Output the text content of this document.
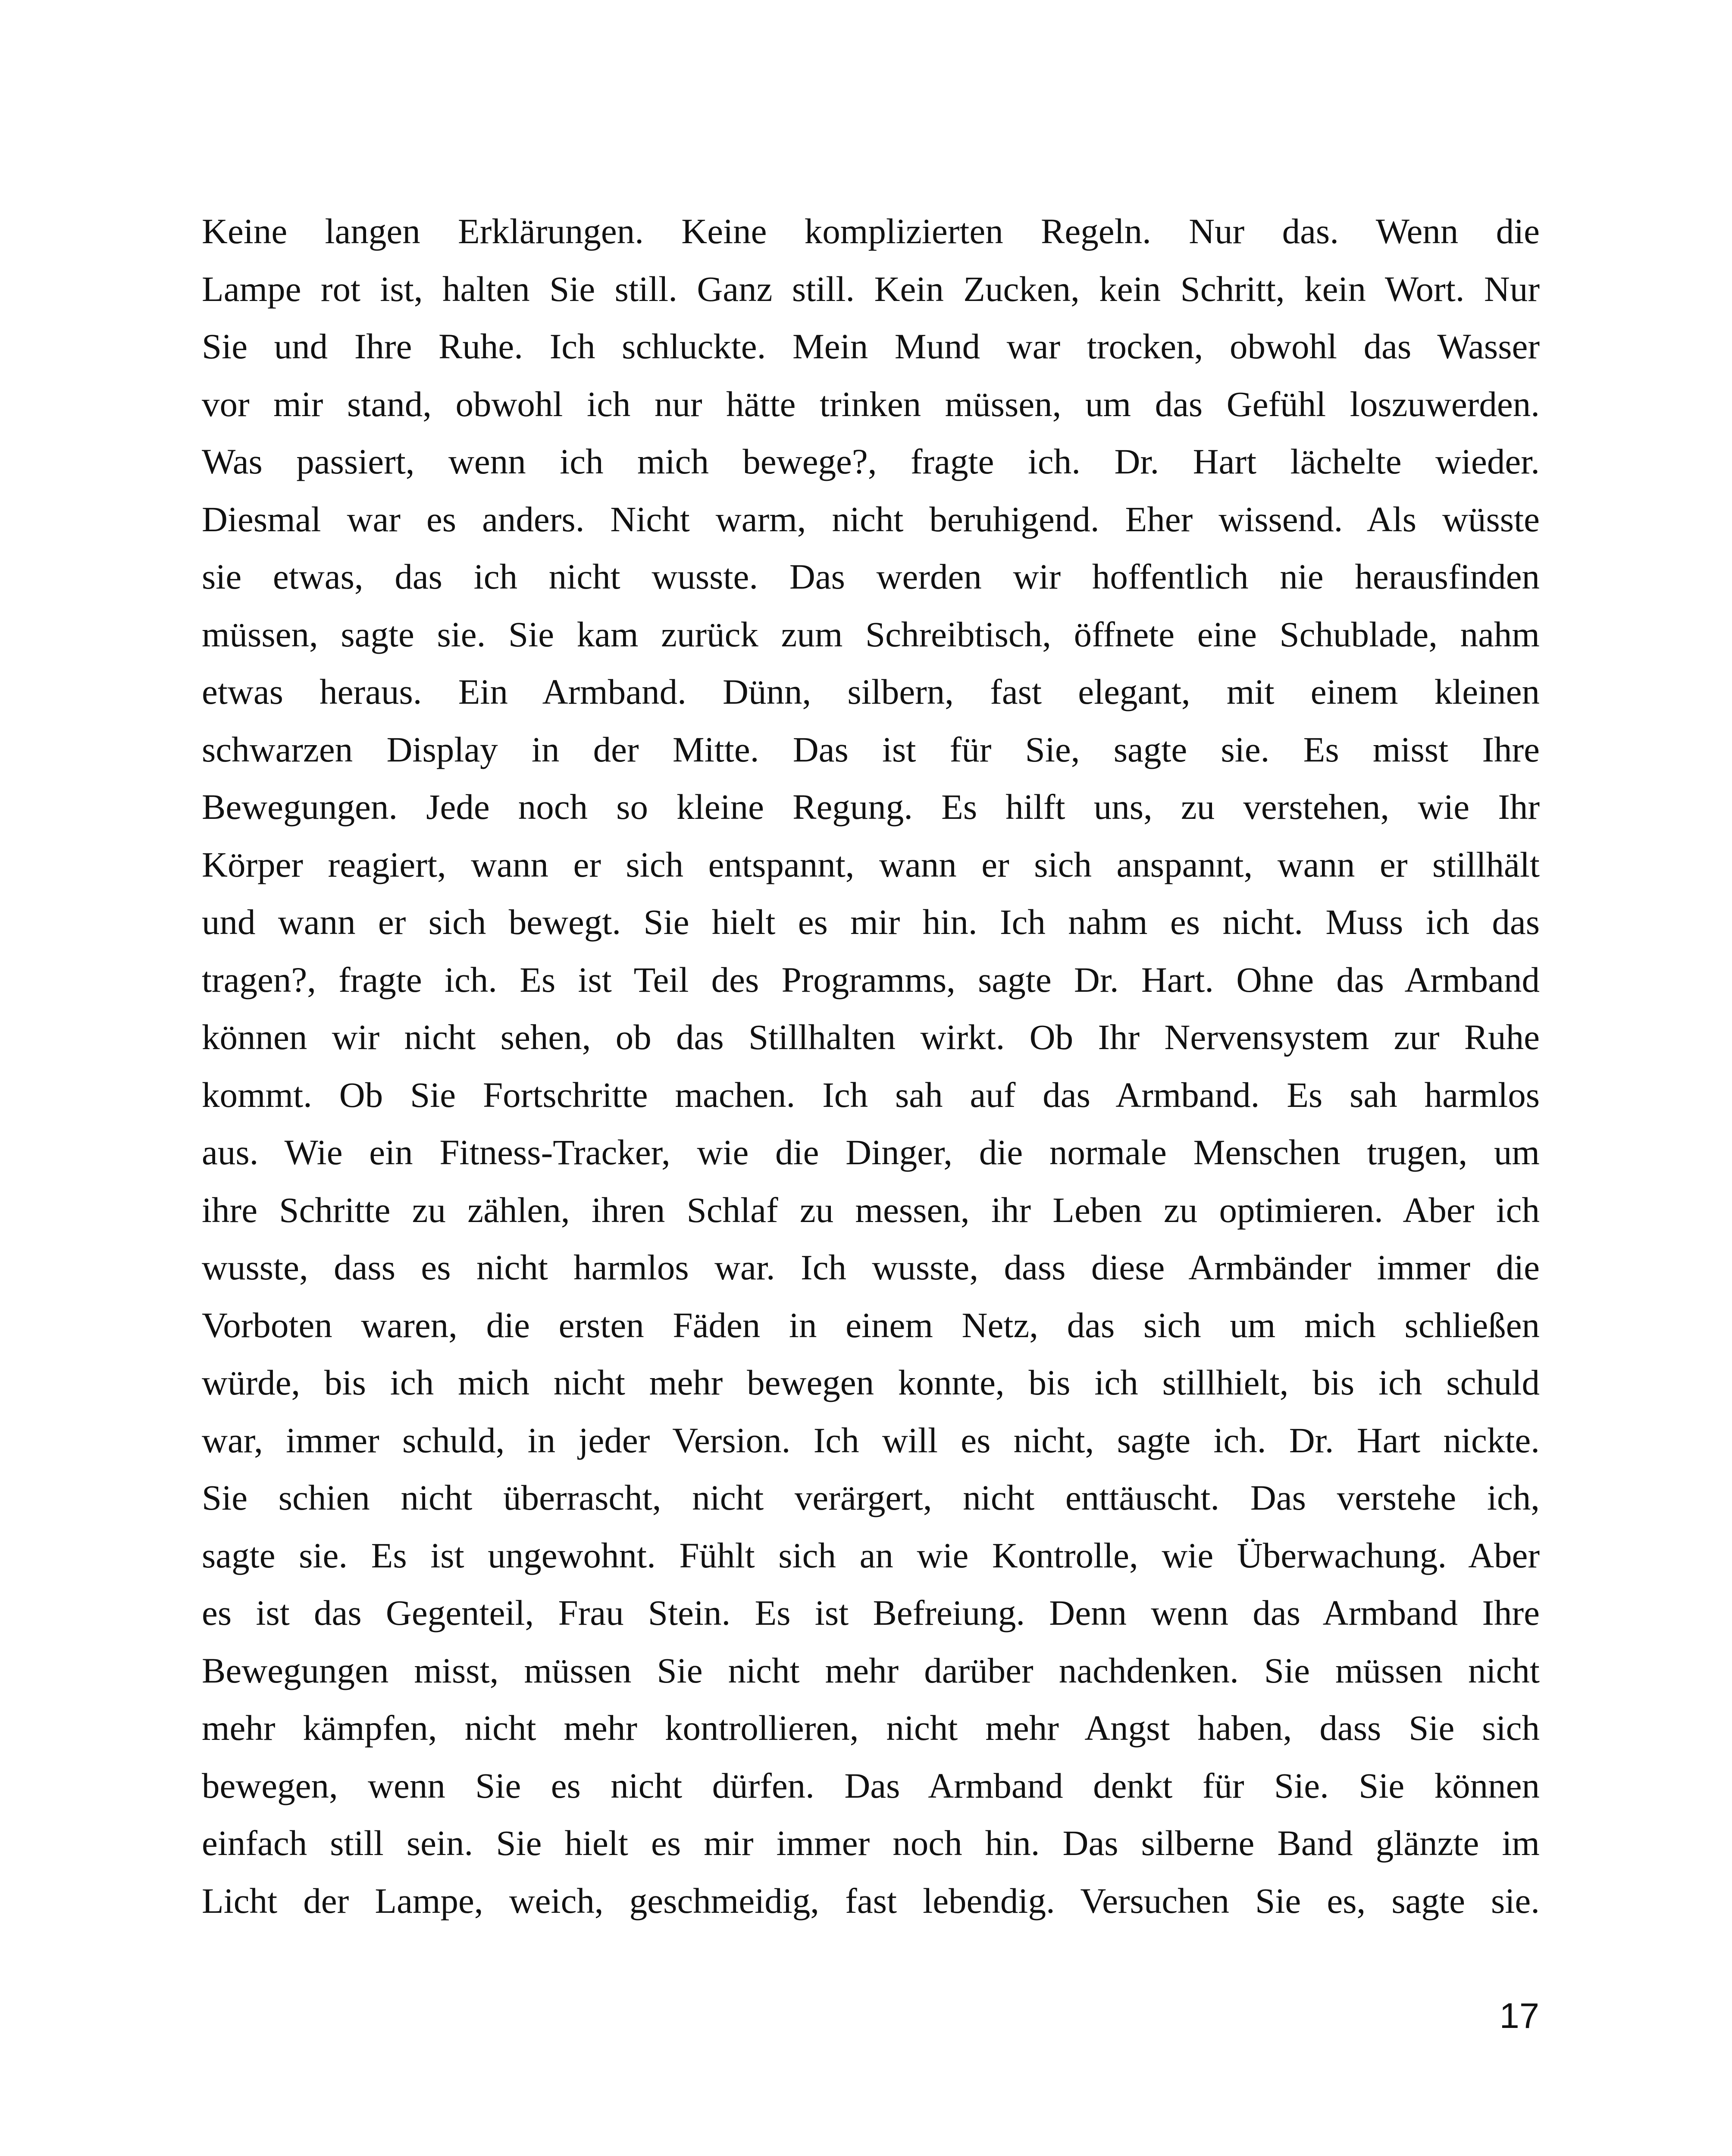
Keine langen Erklärungen. Keine komplizierten Regeln. Nur das. Wenn die
Lampe rot ist, halten Sie still. Ganz still. Kein Zucken, kein Schritt, kein Wort. Nur
Sie und Ihre Ruhe. Ich schluckte. Mein Mund war trocken, obwohl das Wasser
vor mir stand, obwohl ich nur hätte trinken müssen, um das Gefühl loszuwerden.
Was passiert, wenn ich mich bewege?, fragte ich. Dr. Hart lächelte wieder.
Diesmal war es anders. Nicht warm, nicht beruhigend. Eher wissend. Als wüsste
sie etwas, das ich nicht wusste. Das werden wir hoffentlich nie herausfinden
müssen, sagte sie. Sie kam zurück zum Schreibtisch, öffnete eine Schublade, nahm
etwas heraus. Ein Armband. Dünn, silbern, fast elegant, mit einem kleinen
schwarzen Display in der Mitte. Das ist für Sie, sagte sie. Es misst Ihre
Bewegungen. Jede noch so kleine Regung. Es hilft uns, zu verstehen, wie Ihr
Körper reagiert, wann er sich entspannt, wann er sich anspannt, wann er stillhält
und wann er sich bewegt. Sie hielt es mir hin. Ich nahm es nicht. Muss ich das
tragen?, fragte ich. Es ist Teil des Programms, sagte Dr. Hart. Ohne das Armband
können wir nicht sehen, ob das Stillhalten wirkt. Ob Ihr Nervensystem zur Ruhe
kommt. Ob Sie Fortschritte machen. Ich sah auf das Armband. Es sah harmlos
aus. Wie ein Fitness-Tracker, wie die Dinger, die normale Menschen trugen, um
ihre Schritte zu zählen, ihren Schlaf zu messen, ihr Leben zu optimieren. Aber ich
wusste, dass es nicht harmlos war. Ich wusste, dass diese Armbänder immer die
Vorboten waren, die ersten Fäden in einem Netz, das sich um mich schließen
würde, bis ich mich nicht mehr bewegen konnte, bis ich stillhielt, bis ich schuld
war, immer schuld, in jeder Version. Ich will es nicht, sagte ich. Dr. Hart nickte.
Sie schien nicht überrascht, nicht verärgert, nicht enttäuscht. Das verstehe ich,
sagte sie. Es ist ungewohnt. Fühlt sich an wie Kontrolle, wie Überwachung. Aber
es ist das Gegenteil, Frau Stein. Es ist Befreiung. Denn wenn das Armband Ihre
Bewegungen misst, müssen Sie nicht mehr darüber nachdenken. Sie müssen nicht
mehr kämpfen, nicht mehr kontrollieren, nicht mehr Angst haben, dass Sie sich
bewegen, wenn Sie es nicht dürfen. Das Armband denkt für Sie. Sie können
einfach still sein. Sie hielt es mir immer noch hin. Das silberne Band glänzte im
Licht der Lampe, weich, geschmeidig, fast lebendig. Versuchen Sie es, sagte sie.
17
